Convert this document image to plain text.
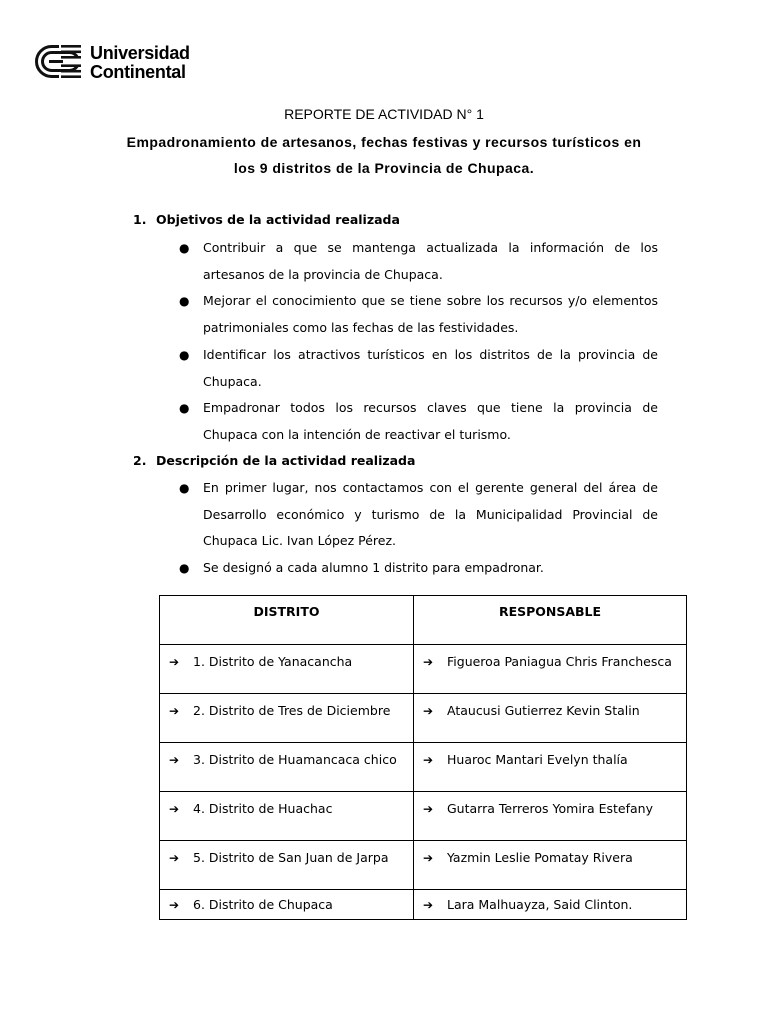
Universidad
Continental
REPORTE DE ACTIVIDAD N° 1
Empadronamiento de artesanos, fechas festivas y recursos turísticos en
los 9 distritos de la Provincia de Chupaca.
1. Objetivos de la actividad realizada
● Contribuir a que se mantenga actualizada la información de los artesanos de la provincia de Chupaca.
● Mejorar el conocimiento que se tiene sobre los recursos y/o elementos patrimoniales como las fechas de las festividades.
● Identificar los atractivos turísticos en los distritos de la provincia de Chupaca.
● Empadronar todos los recursos claves que tiene la provincia de Chupaca con la intención de reactivar el turismo.
2. Descripción de la actividad realizada
● En primer lugar, nos contactamos con el gerente general del área de Desarrollo económico y turismo de la Municipalidad Provincial de Chupaca Lic. Ivan López Pérez.
● Se designó a cada alumno 1 distrito para empadronar.
DISTRITO	RESPONSABLE

➔ 1. Distrito de Yanacancha	➔ Figueroa Paniagua Chris Franchesca

➔ 2. Distrito de Tres de Diciembre	➔ Ataucusi Gutierrez Kevin Stalin

➔ 3. Distrito de Huamancaca chico	➔ Huaroc Mantari Evelyn thalía

➔ 4. Distrito de Huachac	➔ Gutarra Terreros Yomira Estefany

➔ 5. Distrito de San Juan de Jarpa	➔ Yazmin Leslie Pomatay Rivera

➔ 6. Distrito de Chupaca	➔ Lara Malhuayza, Said Clinton.
